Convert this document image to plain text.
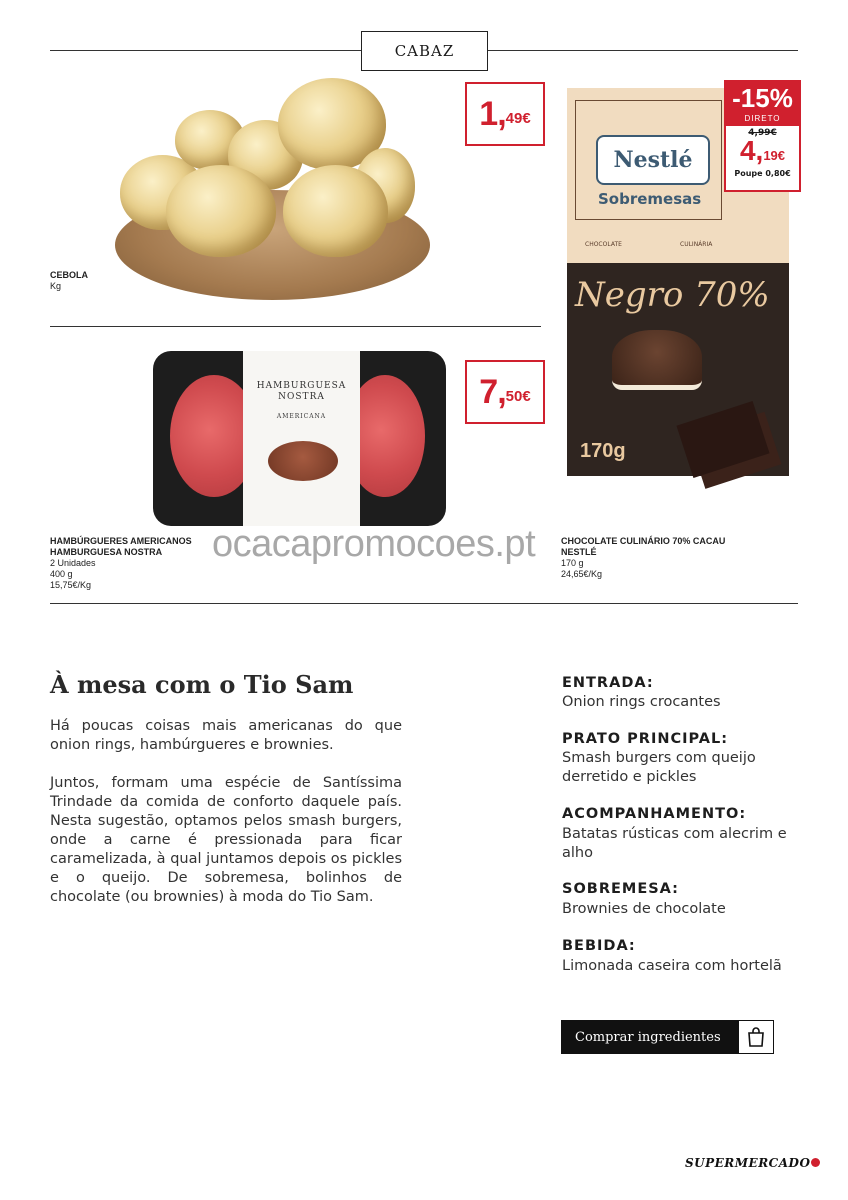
CABAZ
1, 49€
CEBOLA
Kg
HAMBURGUESA
NOSTRA
AMERICANA
7, 50€
HAMBÚRGUERES AMERICANOS
HAMBURGUESA NOSTRA
2 Unidades
400 g
15,75€/Kg
Nestlé
Sobremesas
CHOCOLATE	CULINÁRIA
Negro 70%
170g
-15%
DIRETO
4,99€
4,19€
Poupe 0,80€
CHOCOLATE CULINÁRIO 70% CACAU
NESTLÉ
170 g
24,65€/Kg
ocacapromocoes.pt
À mesa com o Tio Sam
Há poucas coisas mais americanas do que onion rings, hambúrgueres e brownies.
Juntos, formam uma espécie de Santíssima Trindade da comida de conforto daquele país. Nesta sugestão, optamos pelos smash burgers, onde a carne é pressionada para ficar caramelizada, à qual juntamos depois os pickles e o queijo. De sobremesa, bolinhos de chocolate (ou brownies) à moda do Tio Sam.
ENTRADA:
Onion rings crocantes
PRATO PRINCIPAL:
Smash burgers com queijo derretido e pickles
ACOMPANHAMENTO:
Batatas rústicas com alecrim e alho
SOBREMESA:
Brownies de chocolate
BEBIDA:
Limonada caseira com hortelã
Comprar ingredientes
SUPERMERCADO
